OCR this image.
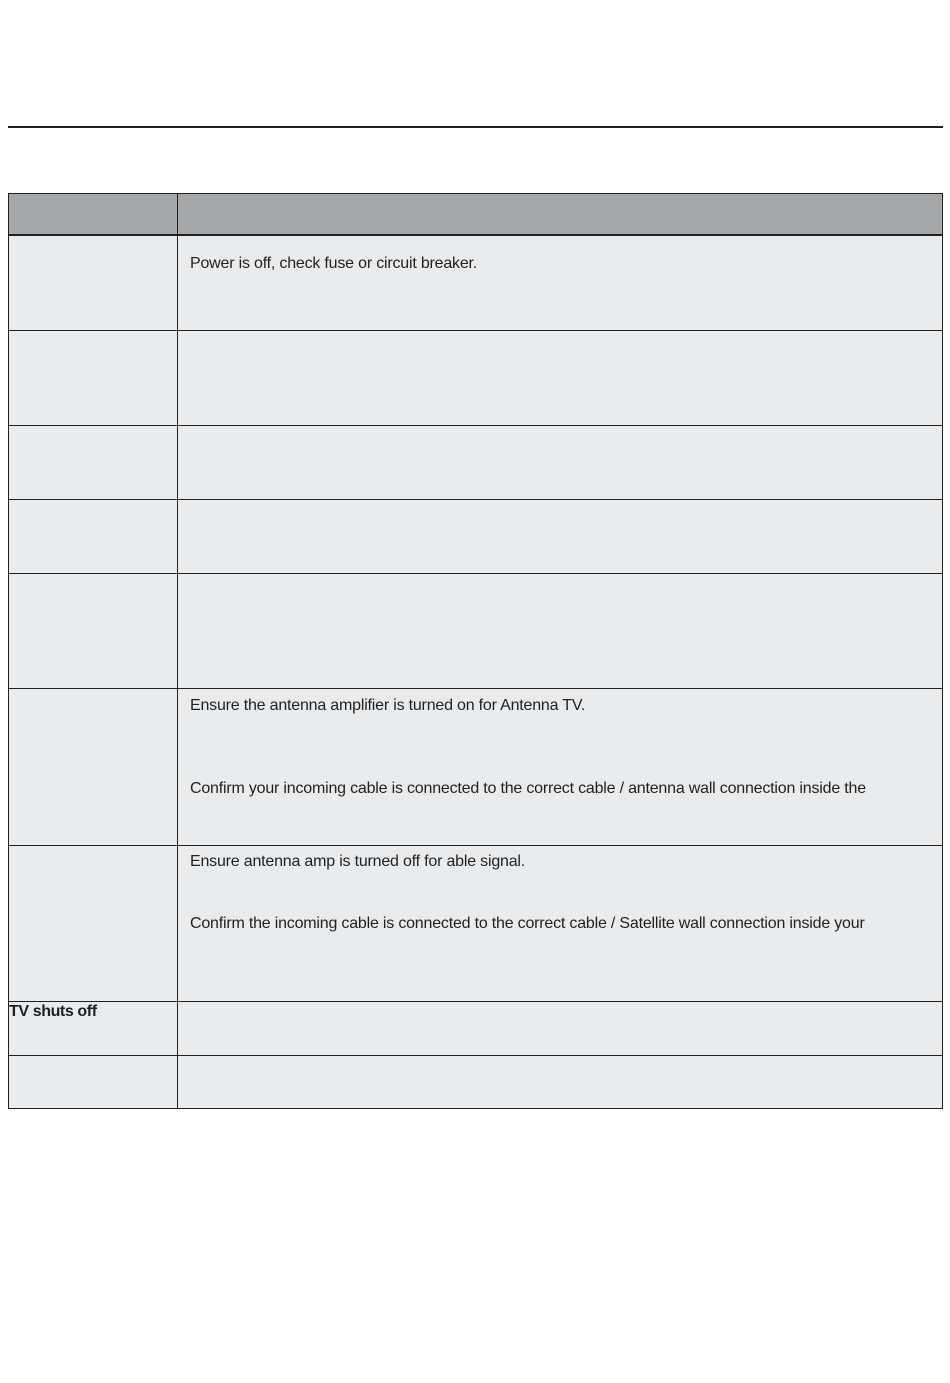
	Power is off, check fuse or circuit breaker.

	Ensure the antenna amplifier is turned on for Antenna TV.
Confirm your incoming cable is connected to the correct cable / antenna wall connection inside the

	Ensure antenna amp is turned off for able signal.
Confirm the incoming cable is connected to the correct cable / Satellite wall connection inside your

TV shuts off	
